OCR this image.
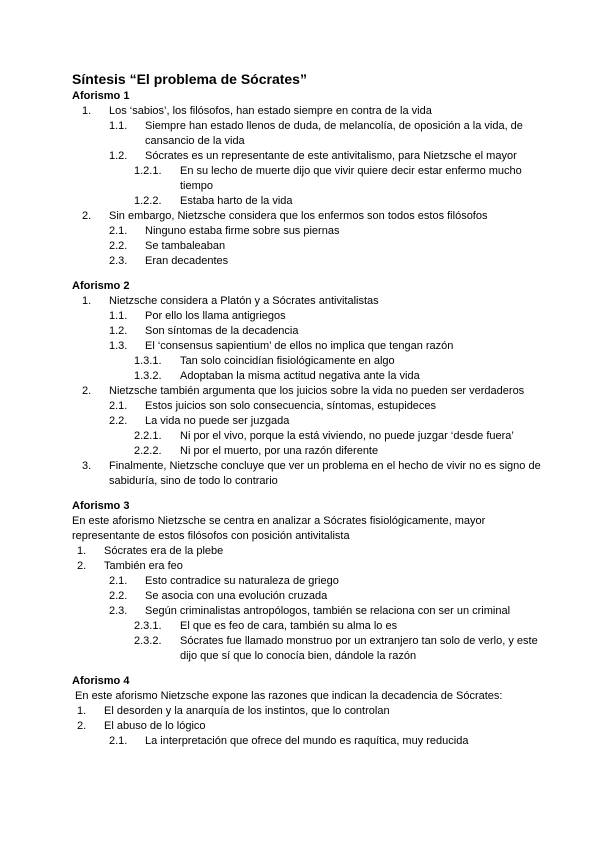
Síntesis “El problema de Sócrates”
Aforismo 1
1.	Los ‘sabios’, los filósofos, han estado siempre en contra de la vida
1.1.	Siempre han estado llenos de duda, de melancolía, de oposición a la vida, de cansancio de la vida
1.2.	Sócrates es un representante de este antivitalismo, para Nietzsche el mayor
1.2.1.	En su lecho de muerte dijo que vivir quiere decir estar enfermo mucho tiempo
1.2.2.	Estaba harto de la vida
2.	Sin embargo, Nietzsche considera que los enfermos son todos estos filósofos
2.1.	Ninguno estaba firme sobre sus piernas
2.2.	Se tambaleaban
2.3.	Eran decadentes
Aforismo 2
1.	Nietzsche considera a Platón y a Sócrates antivitalistas
1.1.	Por ello los llama antigriegos
1.2.	Son síntomas de la decadencia
1.3.	El ‘consensus sapientium’ de ellos no implica que tengan razón
1.3.1.	Tan solo coincidían fisiológicamente en algo
1.3.2.	Adoptaban la misma actitud negativa ante la vida
2.	Nietzsche también argumenta que los juicios sobre la vida no pueden ser verdaderos
2.1.	Estos juicios son solo consecuencia, síntomas, estupideces
2.2.	La vida no puede ser juzgada
2.2.1.	Ni por el vivo, porque la está viviendo, no puede juzgar ‘desde fuera’
2.2.2.	Ni por el muerto, por una razón diferente
3.	Finalmente, Nietzsche concluye que ver un problema en el hecho de vivir no es signo de sabiduría, sino de todo lo contrario
Aforismo 3
En este aforismo Nietzsche se centra en analizar a Sócrates fisiológicamente, mayor representante de estos filósofos con posición antivitalista
1.	Sócrates era de la plebe
2.	También era feo
2.1.	Esto contradice su naturaleza de griego
2.2.	Se asocia con una evolución cruzada
2.3.	Según criminalistas antropólogos, también se relaciona con ser un criminal
2.3.1.	El que es feo de cara, también su alma lo es
2.3.2.	Sócrates fue llamado monstruo por un extranjero tan solo de verlo, y este dijo que sí que lo conocía bien, dándole la razón
Aforismo 4
En este aforismo Nietzsche expone las razones que indican la decadencia de Sócrates:
1.	El desorden y la anarquía de los instintos, que lo controlan
2.	El abuso de lo lógico
2.1.	La interpretación que ofrece del mundo es raquítica, muy reducida
